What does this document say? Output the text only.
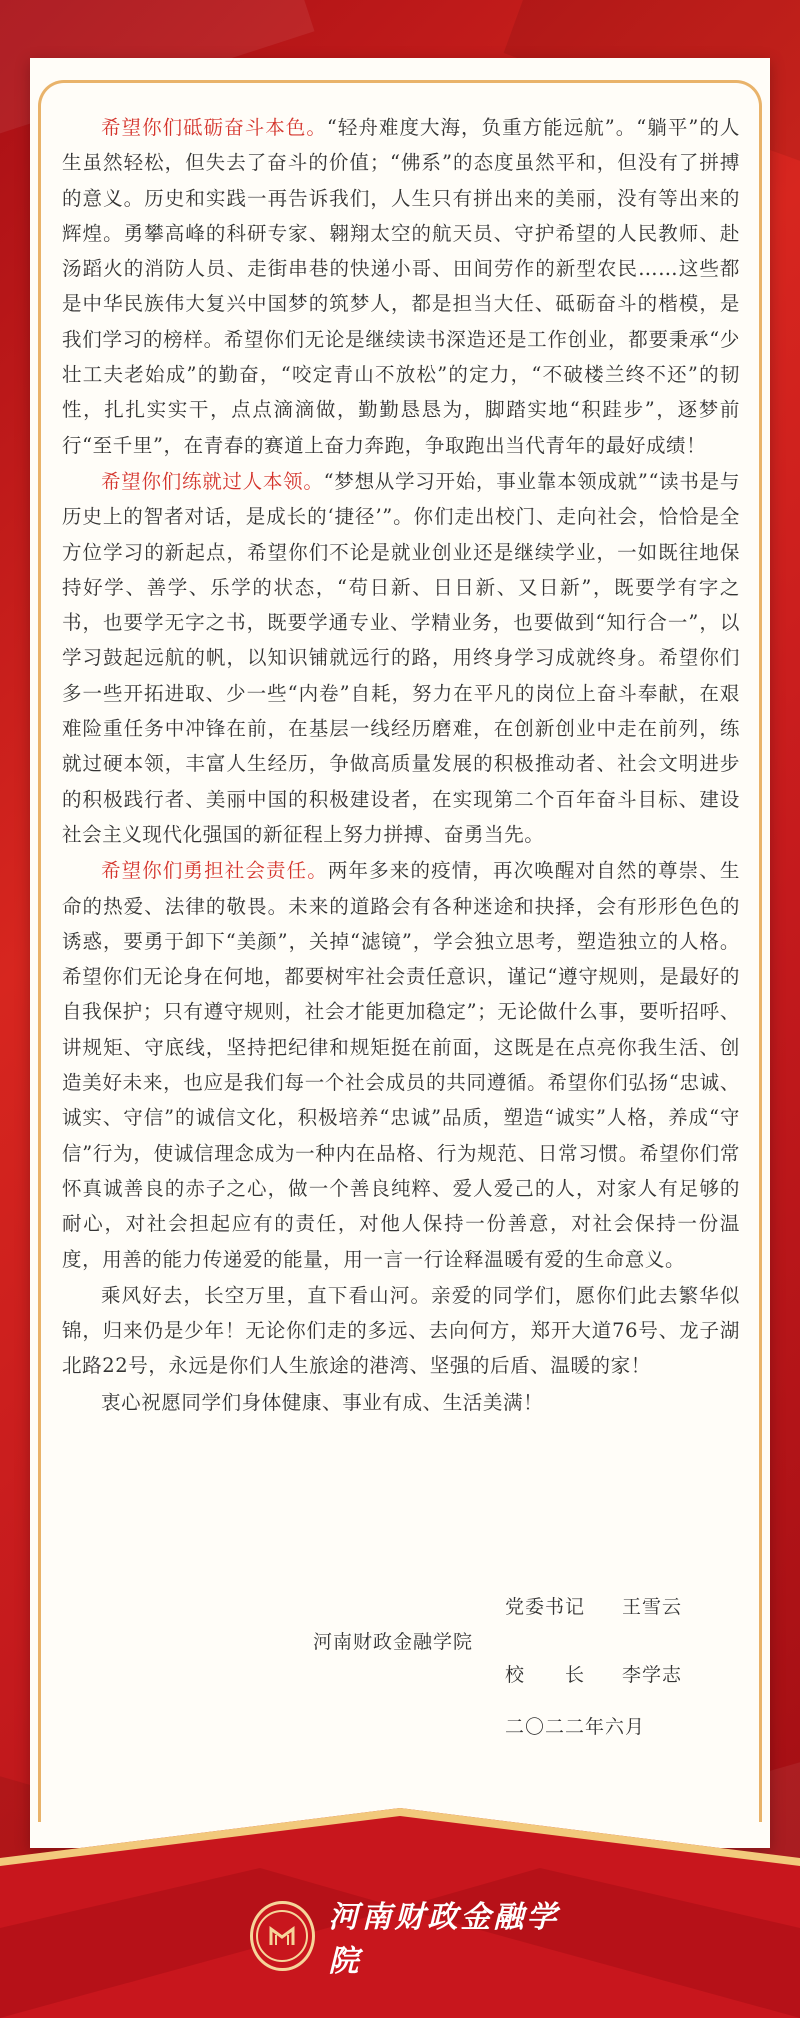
希望你们砥砺奋斗本色。“轻舟难度大海，负重方能远航”。“躺平”的人生虽然轻松，但失去了奋斗的价值；“佛系”的态度虽然平和，但没有了拼搏的意义。历史和实践一再告诉我们，人生只有拼出来的美丽，没有等出来的辉煌。勇攀高峰的科研专家、翱翔太空的航天员、守护希望的人民教师、赴汤蹈火的消防人员、走街串巷的快递小哥、田间劳作的新型农民……这些都是中华民族伟大复兴中国梦的筑梦人，都是担当大任、砥砺奋斗的楷模，是我们学习的榜样。希望你们无论是继续读书深造还是工作创业，都要秉承“少壮工夫老始成”的勤奋，“咬定青山不放松”的定力，“不破楼兰终不还”的韧性，扎扎实实干，点点滴滴做，勤勤恳恳为，脚踏实地“积跬步”，逐梦前行“至千里”，在青春的赛道上奋力奔跑，争取跑出当代青年的最好成绩！

希望你们练就过人本领。“梦想从学习开始，事业靠本领成就”“读书是与历史上的智者对话，是成长的‘捷径’”。你们走出校门、走向社会，恰恰是全方位学习的新起点，希望你们不论是就业创业还是继续学业，一如既往地保持好学、善学、乐学的状态，“苟日新、日日新、又日新”，既要学有字之书，也要学无字之书，既要学通专业、学精业务，也要做到“知行合一”，以学习鼓起远航的帆，以知识铺就远行的路，用终身学习成就终身。希望你们多一些开拓进取、少一些“内卷”自耗，努力在平凡的岗位上奋斗奉献，在艰难险重任务中冲锋在前，在基层一线经历磨难，在创新创业中走在前列，练就过硬本领，丰富人生经历，争做高质量发展的积极推动者、社会文明进步的积极践行者、美丽中国的积极建设者，在实现第二个百年奋斗目标、建设社会主义现代化强国的新征程上努力拼搏、奋勇当先。

希望你们勇担社会责任。两年多来的疫情，再次唤醒对自然的尊崇、生命的热爱、法律的敬畏。未来的道路会有各种迷途和抉择，会有形形色色的诱惑，要勇于卸下“美颜”，关掉“滤镜”，学会独立思考，塑造独立的人格。希望你们无论身在何地，都要树牢社会责任意识，谨记“遵守规则，是最好的自我保护；只有遵守规则，社会才能更加稳定”；无论做什么事，要听招呼、讲规矩、守底线，坚持把纪律和规矩挺在前面，这既是在点亮你我生活、创造美好未来，也应是我们每一个社会成员的共同遵循。希望你们弘扬“忠诚、诚实、守信”的诚信文化，积极培养“忠诚”品质，塑造“诚实”人格，养成“守信”行为，使诚信理念成为一种内在品格、行为规范、日常习惯。希望你们常怀真诚善良的赤子之心，做一个善良纯粹、爱人爱己的人，对家人有足够的耐心，对社会担起应有的责任，对他人保持一份善意，对社会保持一份温度，用善的能力传递爱的能量，用一言一行诠释温暖有爱的生命意义。

乘风好去，长空万里，直下看山河。亲爱的同学们，愿你们此去繁华似锦，归来仍是少年！无论你们走的多远、去向何方，郑开大道76号、龙子湖北路22号，永远是你们人生旅途的港湾、坚强的后盾、温暖的家！

衷心祝愿同学们身体健康、事业有成、生活美满！

党委书记 王雪云
河南财政金融学院
校　　长 李学志
二〇二二年六月
河南财政金融学院
